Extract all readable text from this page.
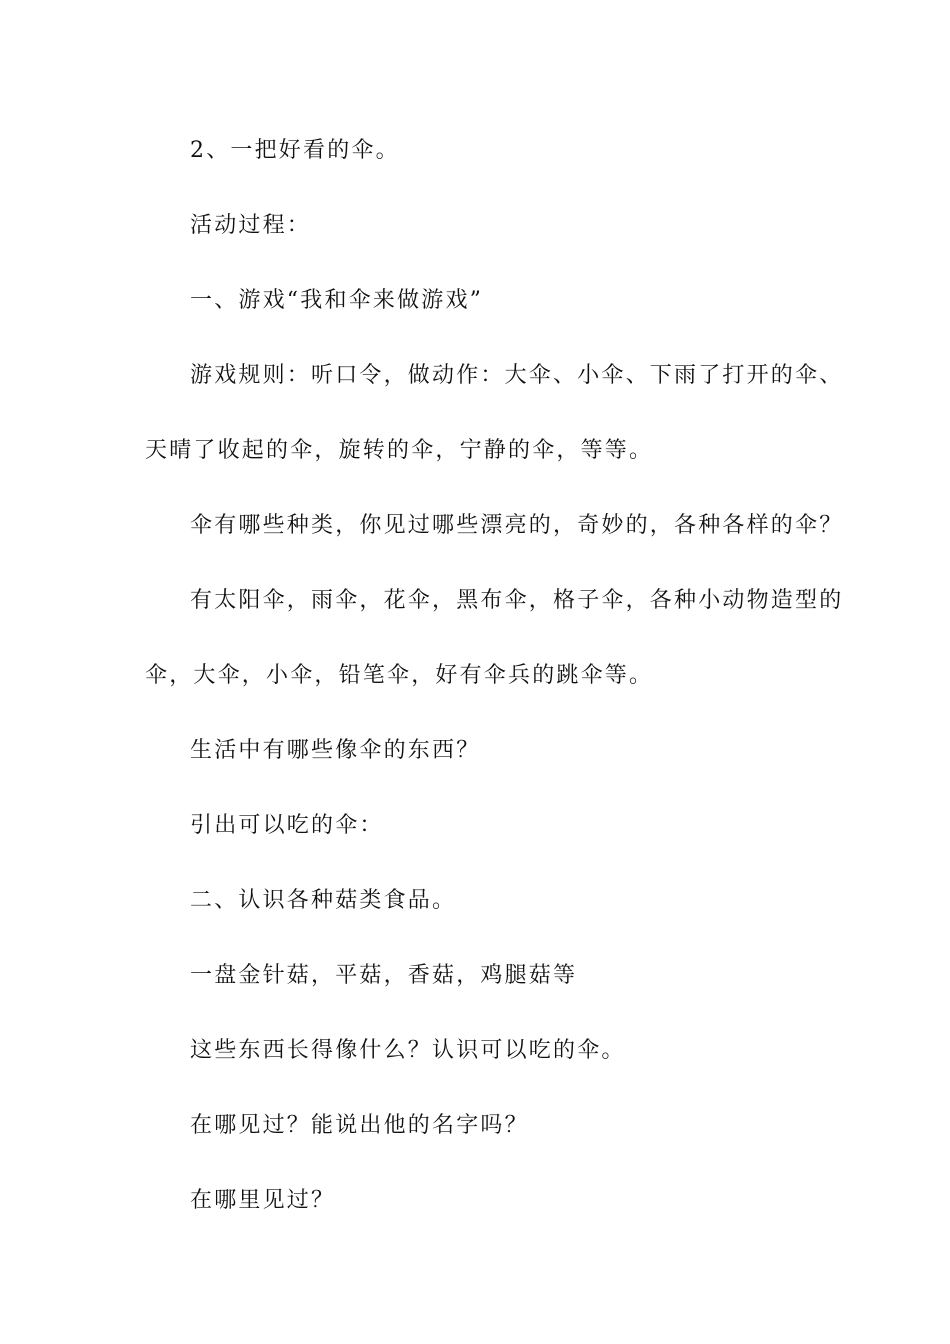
2、一把好看的伞。

活动过程：

一、游戏“我和伞来做游戏”

游戏规则：听口令，做动作：大伞、小伞、下雨了打开的伞、

天晴了收起的伞，旋转的伞，宁静的伞，等等。

伞有哪些种类，你见过哪些漂亮的，奇妙的，各种各样的伞？

有太阳伞，雨伞，花伞，黑布伞，格子伞，各种小动物造型的

伞，大伞，小伞，铅笔伞，好有伞兵的跳伞等。

生活中有哪些像伞的东西？

引出可以吃的伞：

二、认识各种菇类食品。

一盘金针菇，平菇，香菇，鸡腿菇等

这些东西长得像什么？认识可以吃的伞。

在哪见过？能说出他的名字吗？

在哪里见过？
